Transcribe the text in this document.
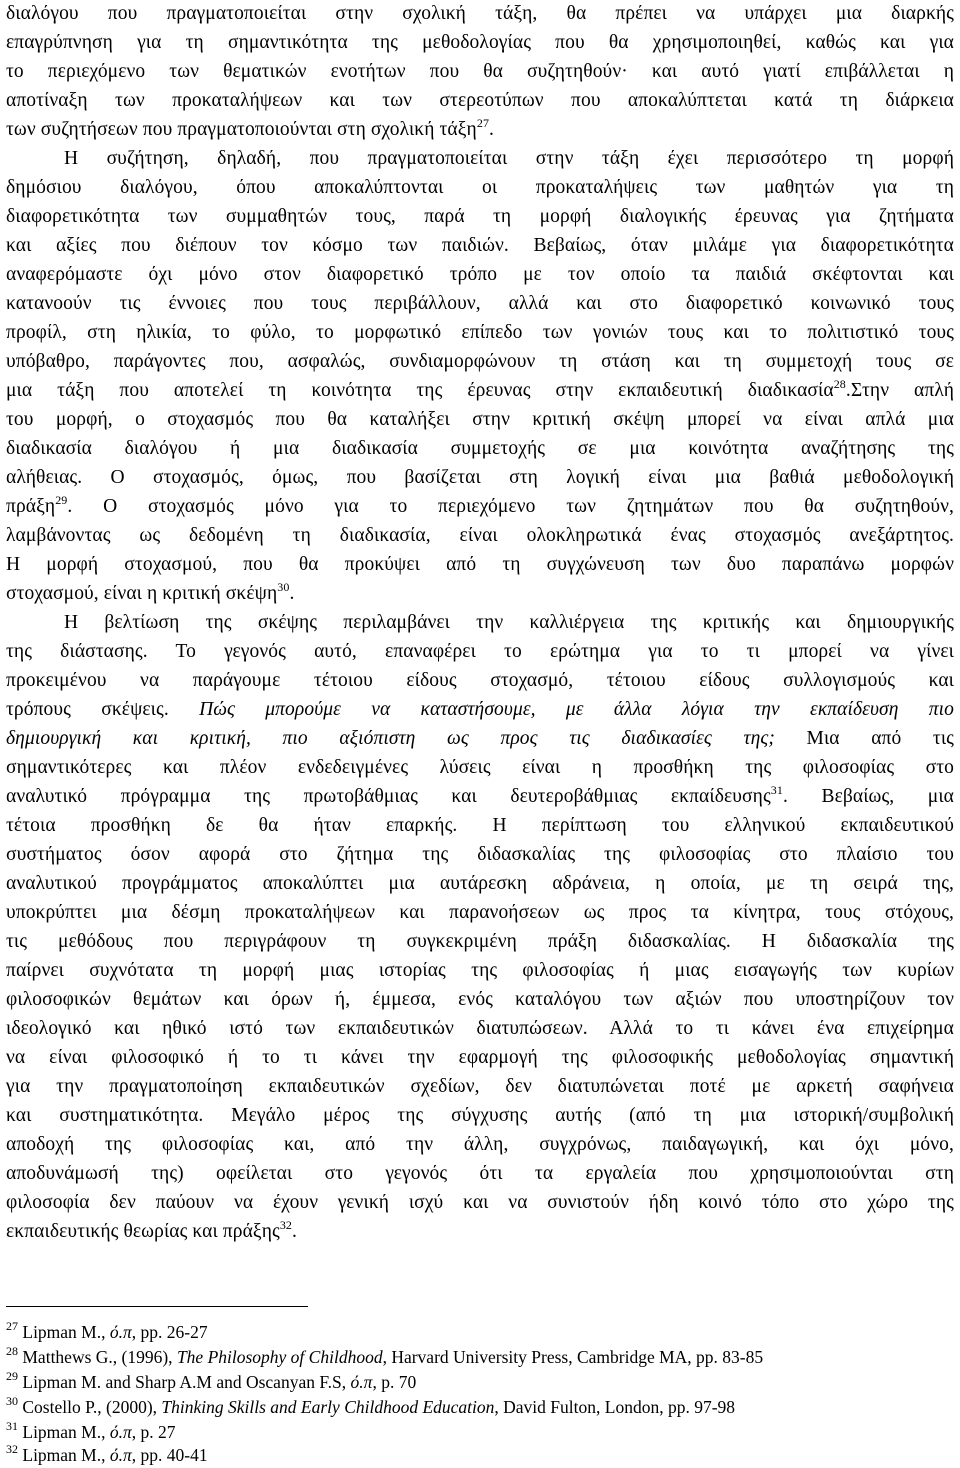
διαλόγου που πραγματοποιείται στην σχολική τάξη, θα πρέπει να υπάρχει μια διαρκής
επαγρύπνηση για τη σημαντικότητα της μεθοδολογίας που θα χρησιμοποιηθεί, καθώς και για
το περιεχόμενο των θεματικών ενοτήτων που θα συζητηθούν· και αυτό γιατί επιβάλλεται η
αποτίναξη των προκαταλήψεων και των στερεοτύπων που αποκαλύπτεται κατά τη διάρκεια
των συζητήσεων που πραγματοποιούνται στη σχολική τάξη$^{27}$.
Η συζήτηση, δηλαδή, που πραγματοποιείται στην τάξη έχει περισσότερο τη μορφή
δημόσιου διαλόγου, όπου αποκαλύπτονται οι προκαταλήψεις των μαθητών για τη
διαφορετικότητα των συμμαθητών τους, παρά τη μορφή διαλογικής έρευνας για ζητήματα
και αξίες που διέπουν τον κόσμο των παιδιών. Βεβαίως, όταν μιλάμε για διαφορετικότητα
αναφερόμαστε όχι μόνο στον διαφορετικό τρόπο με τον οποίο τα παιδιά σκέφτονται και
κατανοούν τις έννοιες που τους περιβάλλουν, αλλά και στο διαφορετικό κοινωνικό τους
προφίλ, στη ηλικία, το φύλο, το μορφωτικό επίπεδο των γονιών τους και το πολιτιστικό τους
υπόβαθρο, παράγοντες που, ασφαλώς, συνδιαμορφώνουν τη στάση και τη συμμετοχή τους σε
μια τάξη που αποτελεί τη κοινότητα της έρευνας στην εκπαιδευτική διαδικασία$^{28}$.Στην απλή
του μορφή, ο στοχασμός που θα καταλήξει στην κριτική σκέψη μπορεί να είναι απλά μια
διαδικασία διαλόγου ή μια διαδικασία συμμετοχής σε μια κοινότητα αναζήτησης της
αλήθειας. Ο στοχασμός, όμως, που βασίζεται στη λογική είναι μια βαθιά μεθοδολογική
πράξη$^{29}$. Ο στοχασμός μόνο για το περιεχόμενο των ζητημάτων που θα συζητηθούν,
λαμβάνοντας ως δεδομένη τη διαδικασία, είναι ολοκληρωτικά ένας στοχασμός ανεξάρτητος.
Η μορφή στοχασμού, που θα προκύψει από τη συγχώνευση των δυο παραπάνω μορφών
στοχασμού, είναι η κριτική σκέψη$^{30}$.
Η βελτίωση της σκέψης περιλαμβάνει την καλλιέργεια της κριτικής και δημιουργικής
της διάστασης. Το γεγονός αυτό, επαναφέρει το ερώτημα για το τι μπορεί να γίνει
προκειμένου να παράγουμε τέτοιου είδους στοχασμό, τέτοιου είδους συλλογισμούς και
τρόπους σκέψεις. Πώς μπορούμε να καταστήσουμε, με άλλα λόγια την εκπαίδευση πιο
δημιουργική και κριτική, πιο αξιόπιστη ως προς τις διαδικασίες της; Μια από τις
σημαντικότερες και πλέον ενδεδειγμένες λύσεις είναι η προσθήκη της φιλοσοφίας στο
αναλυτικό πρόγραμμα της πρωτοβάθμιας και δευτεροβάθμιας εκπαίδευσης$^{31}$. Βεβαίως, μια
τέτοια προσθήκη δε θα ήταν επαρκής. Η περίπτωση του ελληνικού εκπαιδευτικού
συστήματος όσον αφορά στο ζήτημα της διδασκαλίας της φιλοσοφίας στο πλαίσιο του
αναλυτικού προγράμματος αποκαλύπτει μια αυτάρεσκη αδράνεια, η οποία, με τη σειρά της,
υποκρύπτει μια δέσμη προκαταλήψεων και παρανοήσεων ως προς τα κίνητρα, τους στόχους,
τις μεθόδους που περιγράφουν τη συγκεκριμένη πράξη διδασκαλίας. Η διδασκαλία της
παίρνει συχνότατα τη μορφή μιας ιστορίας της φιλοσοφίας ή μιας εισαγωγής των κυρίων
φιλοσοφικών θεμάτων και όρων ή, έμμεσα, ενός καταλόγου των αξιών που υποστηρίζουν τον
ιδεολογικό και ηθικό ιστό των εκπαιδευτικών διατυπώσεων. Αλλά το τι κάνει ένα επιχείρημα
να είναι φιλοσοφικό ή το τι κάνει την εφαρμογή της φιλοσοφικής μεθοδολογίας σημαντική
για την πραγματοποίηση εκπαιδευτικών σχεδίων, δεν διατυπώνεται ποτέ με αρκετή σαφήνεια
και συστηματικότητα. Μεγάλο μέρος της σύγχυσης αυτής (από τη μια ιστορική/συμβολική
αποδοχή της φιλοσοφίας και, από την άλλη, συγχρόνως, παιδαγωγική, και όχι μόνο,
αποδυνάμωσή της) οφείλεται στο γεγονός ότι τα εργαλεία που χρησιμοποιούνται στη
φιλοσοφία δεν παύουν να έχουν γενική ισχύ και να συνιστούν ήδη κοινό τόπο στο χώρο της
εκπαιδευτικής θεωρίας και πράξης$^{32}$.
$^{27}$ Lipman M., ό.π, pp. 26-27
$^{28}$ Matthews G., (1996), The Philosophy of Childhood, Harvard University Press, Cambridge MA, pp. 83-85
$^{29}$ Lipman M. and Sharp A.M and Oscanyan F.S, ό.π, p. 70
$^{30}$ Costello P., (2000), Thinking Skills and Early Childhood Education, David Fulton, London, pp. 97-98
$^{31}$ Lipman M., ό.π, p. 27
$^{32}$ Lipman M., ό.π, pp. 40-41
